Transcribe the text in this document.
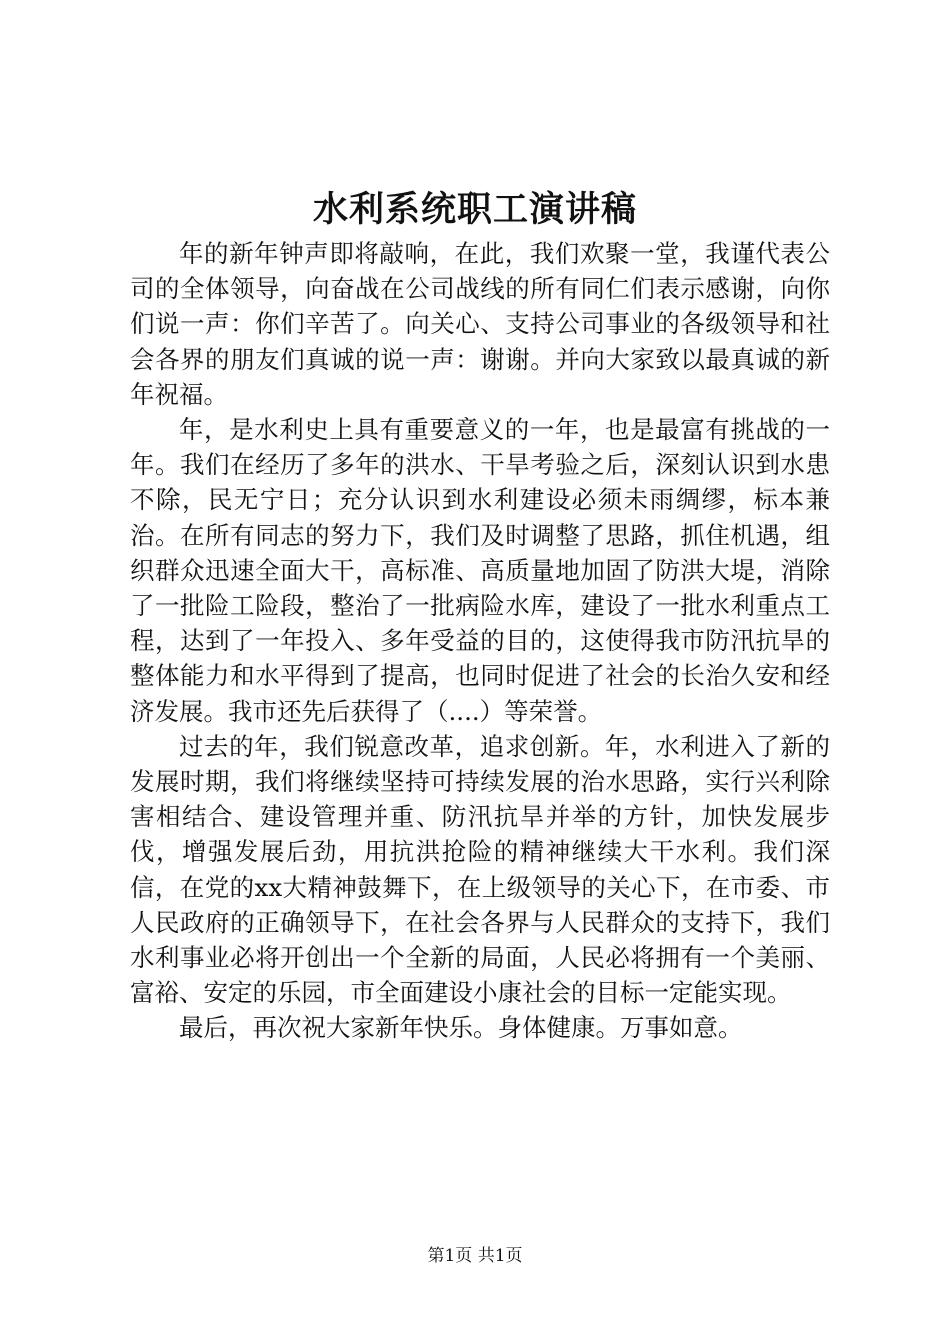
水利系统职工演讲稿

年的新年钟声即将敲响，在此，我们欢聚一堂，我谨代表公司的全体领导，向奋战在公司战线的所有同仁们表示感谢，向你们说一声：你们辛苦了。向关心、支持公司事业的各级领导和社会各界的朋友们真诚的说一声：谢谢。并向大家致以最真诚的新年祝福。

年，是水利史上具有重要意义的一年，也是最富有挑战的一年。我们在经历了多年的洪水、干旱考验之后，深刻认识到水患不除，民无宁日；充分认识到水利建设必须未雨绸缪，标本兼治。在所有同志的努力下，我们及时调整了思路，抓住机遇，组织群众迅速全面大干，高标准、高质量地加固了防洪大堤，消除了一批险工险段，整治了一批病险水库，建设了一批水利重点工程，达到了一年投入、多年受益的目的，这使得我市防汛抗旱的整体能力和水平得到了提高，也同时促进了社会的长治久安和经济发展。我市还先后获得了（....）等荣誉。

过去的年，我们锐意改革，追求创新。年，水利进入了新的发展时期，我们将继续坚持可持续发展的治水思路，实行兴利除害相结合、建设管理并重、防汛抗旱并举的方针，加快发展步伐，增强发展后劲，用抗洪抢险的精神继续大干水利。我们深信，在党的xx大精神鼓舞下，在上级领导的关心下，在市委、市人民政府的正确领导下，在社会各界与人民群众的支持下，我们水利事业必将开创出一个全新的局面，人民必将拥有一个美丽、富裕、安定的乐园，市全面建设小康社会的目标一定能实现。

最后，再次祝大家新年快乐。身体健康。万事如意。

第1页 共1页
